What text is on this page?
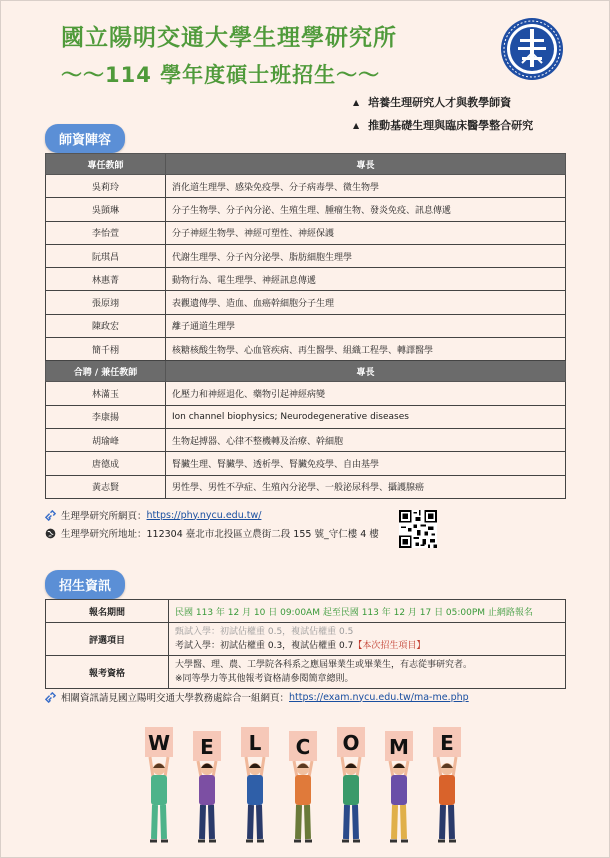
國立陽明交通大學生理學研究所
～～114 學年度碩士班招生～～
▲ 培養生理研究人才與教學師資
▲ 推動基礎生理與臨床醫學整合研究
師資陣容
專任教師	專長
吳莉玲	消化道生理學、感染免疫學、分子病毒學、微生物學
吳顗琳	分子生物學、分子內分泌、生殖生理、腫瘤生物、發炎免疫、訊息傳遞
李怡萱	分子神經生物學、神經可塑性、神經保護
阮琪昌	代謝生理學、分子內分泌學、脂肪細胞生理學
林惠菁	動物行為、電生理學、神經訊息傳遞
張原翊	表觀遺傳學、造血、血癌幹細胞分子生理
陳政宏	離子通道生理學
簡千栩	核糖核酸生物學、心血管疾病、再生醫學、組織工程學、轉譯醫學
合聘 / 兼任教師	專長
林滿玉	化壓力和神經退化、藥物引起神經病變
李康揚	Ion channel biophysics; Neurodegenerative diseases
胡瑜峰	生物起搏器、心律不整機轉及治療、幹細胞
唐德成	腎臟生理、腎臟學、透析學、腎臟免疫學、自由基學
黃志賢	男性學、男性不孕症、生殖內分泌學、一般泌尿科學、攝護腺癌
生理學研究所網頁： https://phy.nycu.edu.tw/
生理學研究所地址：112304 臺北市北投區立農街二段 155 號_守仁樓 4 樓
招生資訊
報名期間	民國 113 年 12 月 10 日 09:00AM 起至民國 113 年 12 月 17 日 05:00PM 止網路報名
評選項目	甄試入學：初試佔權重 0.5，複試佔權重 0.5
考試入學：初試佔權重 0.3，複試佔權重 0.7【本次招生項目】

報考資格	大學醫、理、農、工學院各科系之應屆畢業生或畢業生，有志從事研究者。
※同等學力等其他報考資格請參閱簡章總則。
相關資訊請見國立陽明交通大學教務處綜合一組網頁： https://exam.nycu.edu.tw/ma-me.php
W E L C O M E
